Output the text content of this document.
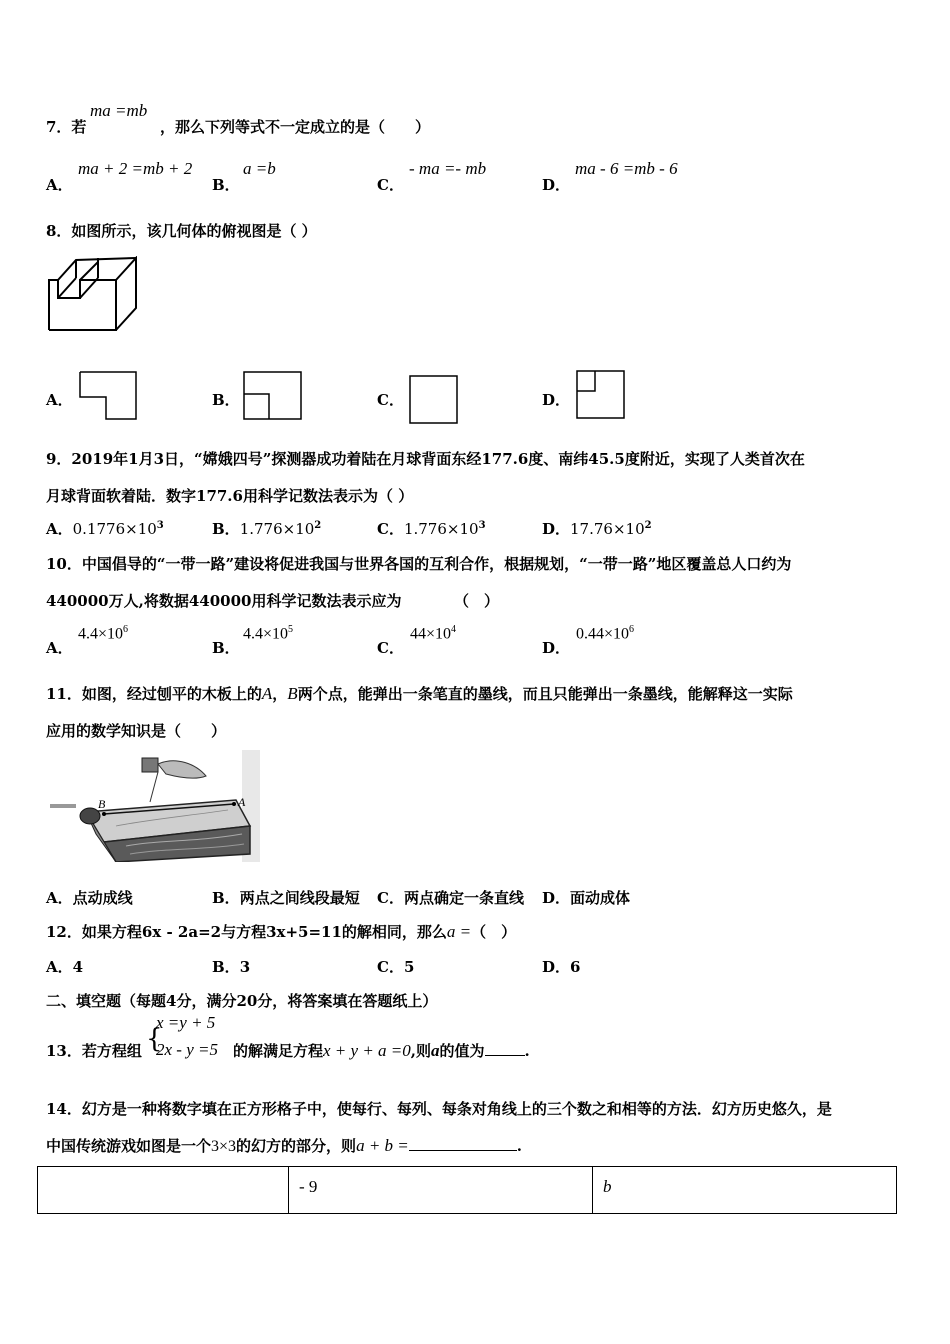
7．若
ma =mb
，那么下列等式不一定成立的是（　　）
A．
ma + 2 =mb + 2
B．
a =b
C．
- ma =- mb
D．
ma - 6 =mb - 6
8．如图所示，该几何体的俯视图是（ ）
A．	B．	C．	D．
9．2019年1月3日，“嫦娥四号”探测器成功着陆在月球背面东经177.6度、南纬45.5度附近，实现了人类首次在
月球背面软着陆．数字177.6用科学记数法表示为（ ）
A．$0.1776\times 10^3$	B．$1.776\times 10^2$	C．$1.776\times 10^3$	D．$17.76\times 10^2$
10．中国倡导的“一带一路”建设将促进我国与世界各国的互利合作，根据规划，“一带一路”地区覆盖总人口约为
440000万人,将数据440000用科学记数法表示应为　　　　（　）
A．
$4.4\times 10^6$
B．
$4.4\times 10^5$
C．
$44\times 10^4$
D．
$0.44\times 10^6$
11．如图，经过刨平的木板上的A，B两个点，能弹出一条笔直的墨线，而且只能弹出一条墨线，能解释这一实际
应用的数学知识是（　　）
B	A
A．点动成线	B．两点之间线段最短 C．两点确定一条直线 D．面动成体
12．如果方程6x - 2a=2与方程3x+5=11的解相同，那么a =（　）
A．4	B．3	C．5	D．6
二、填空题（每题4分，满分20分，将答案填在答题纸上）
13．若方程组 {
x =y + 5
2x - y =5 的解满足方程x + y + a =0,则a的值为	.
14．幻方是一种将数字填在正方形格子中，使每行、每列、每条对角线上的三个数之和相等的方法．幻方历史悠久，是
中国传统游戏如图是一个3×3的幻方的部分，则a + b =	.
	- 9	b
